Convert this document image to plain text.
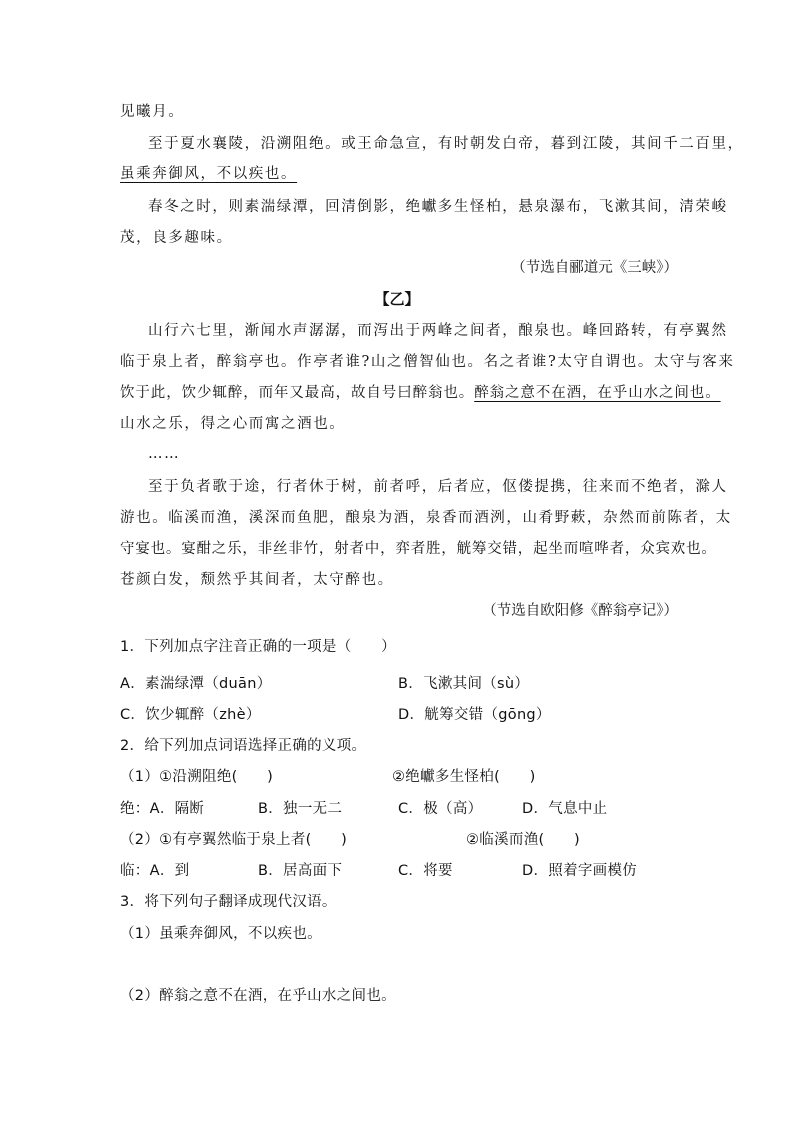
见曦月。
至于夏水襄陵，沿溯阻绝。或王命急宣，有时朝发白帝，暮到江陵，其间千二百里，
虽乘奔御风，不以疾也。
春冬之时，则素湍绿潭，回清倒影，绝巘多生怪柏，悬泉瀑布，飞漱其间，清荣峻
茂，良多趣味。
（节选自郦道元《三峡》）
【乙】
山行六七里，渐闻水声潺潺，而泻出于两峰之间者，酿泉也。峰回路转，有亭翼然
临于泉上者，醉翁亭也。作亭者谁?山之僧智仙也。名之者谁?太守自谓也。太守与客来
饮于此，饮少辄醉，而年又最高，故自号曰醉翁也。醉翁之意不在酒，在乎山水之间也。
山水之乐，得之心而寓之酒也。
……
至于负者歌于途，行者休于树，前者呼，后者应，伛偻提携，往来而不绝者，滁人
游也。临溪而渔，溪深而鱼肥，酿泉为酒，泉香而酒洌，山肴野蔌，杂然而前陈者，太
守宴也。宴酣之乐，非丝非竹，射者中，弈者胜，觥筹交错，起坐而喧哗者，众宾欢也。
苍颜白发，颓然乎其间者，太守醉也。
（节选自欧阳修《醉翁亭记》）
1．下列加点字注音正确的一项是（　　）
A．素湍绿潭（duān）	B．飞漱其间（sù）
C．饮少辄醉（zhè）	D．觥筹交错（gōng）
2．给下列加点词语选择正确的义项。
（1）①沿溯阻绝(　　)	②绝巘多生怪柏(　　)
绝：A．隔断	B．独一无二	C．极（高）	D．气息中止
（2）①有亭翼然临于泉上者(　　)	②临溪而渔(　　)
临：A．到	B．居高面下	C．将要	D．照着字画模仿
3．将下列句子翻译成现代汉语。
（1）虽乘奔御风，不以疾也。
（2）醉翁之意不在酒，在乎山水之间也。
